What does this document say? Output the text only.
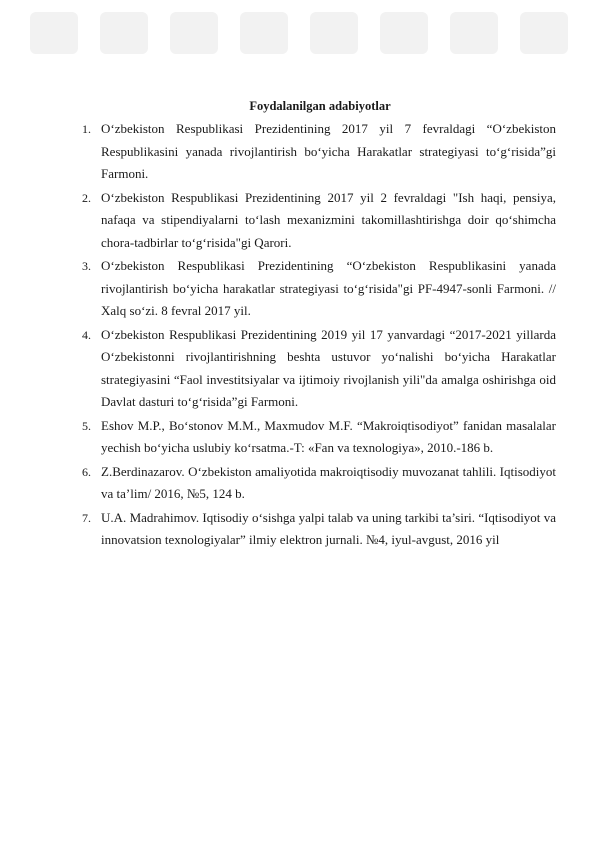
Foydalanilgan adabiyotlar
1. O‘zbekiston Respublikasi Prezidentining 2017 yil 7 fevraldagi “O‘zbekiston Respublikasini yanada rivojlantirish bo‘yicha Harakatlar strategiyasi to‘g‘risida”gi Farmoni.
2. O‘zbekiston Respublikasi Prezidentining 2017 yil 2 fevraldagi "Ish haqi, pensiya, nafaqa va stipendiyalarni to‘lash mexanizmini takomillashtirishga doir qo‘shimcha chora-tadbirlar to‘g‘risida"gi Qarori.
3. O‘zbekiston Respublikasi Prezidentining “O‘zbekiston Respublikasini yanada rivojlantirish bo‘yicha harakatlar strategiyasi to‘g‘risida"gi PF-4947-sonli Farmoni. // Xalq so‘zi. 8 fevral 2017 yil.
4. O‘zbekiston Respublikasi Prezidentining 2019 yil 17 yanvardagi “2017-2021 yillarda O‘zbekistonni rivojlantirishning beshta ustuvor yo‘nalishi bo‘yicha Harakatlar strategiyasini “Faol investitsiyalar va ijtimoiy rivojlanish yili"da amalga oshirishga oid Davlat dasturi to‘g‘risida”gi Farmoni.
5. Eshov M.P., Bo‘stonov M.M., Maxmudov M.F. “Makroiqtisodiyot” fanidan masalalar yechish bo‘yicha uslubiy ko‘rsatma.-T: «Fan va texnologiya», 2010.-186 b.
6. Z.Berdinazarov. O‘zbekiston amaliyotida makroiqtisodiy muvozanat tahlili. Iqtisodiyot va ta’lim/ 2016, №5, 124 b.
7. U.A. Madrahimov. Iqtisodiy o‘sishga yalpi talab va uning tarkibi ta’siri. “Iqtisodiyot va innovatsion texnologiyalar” ilmiy elektron jurnali. №4, iyul-avgust, 2016 yil
